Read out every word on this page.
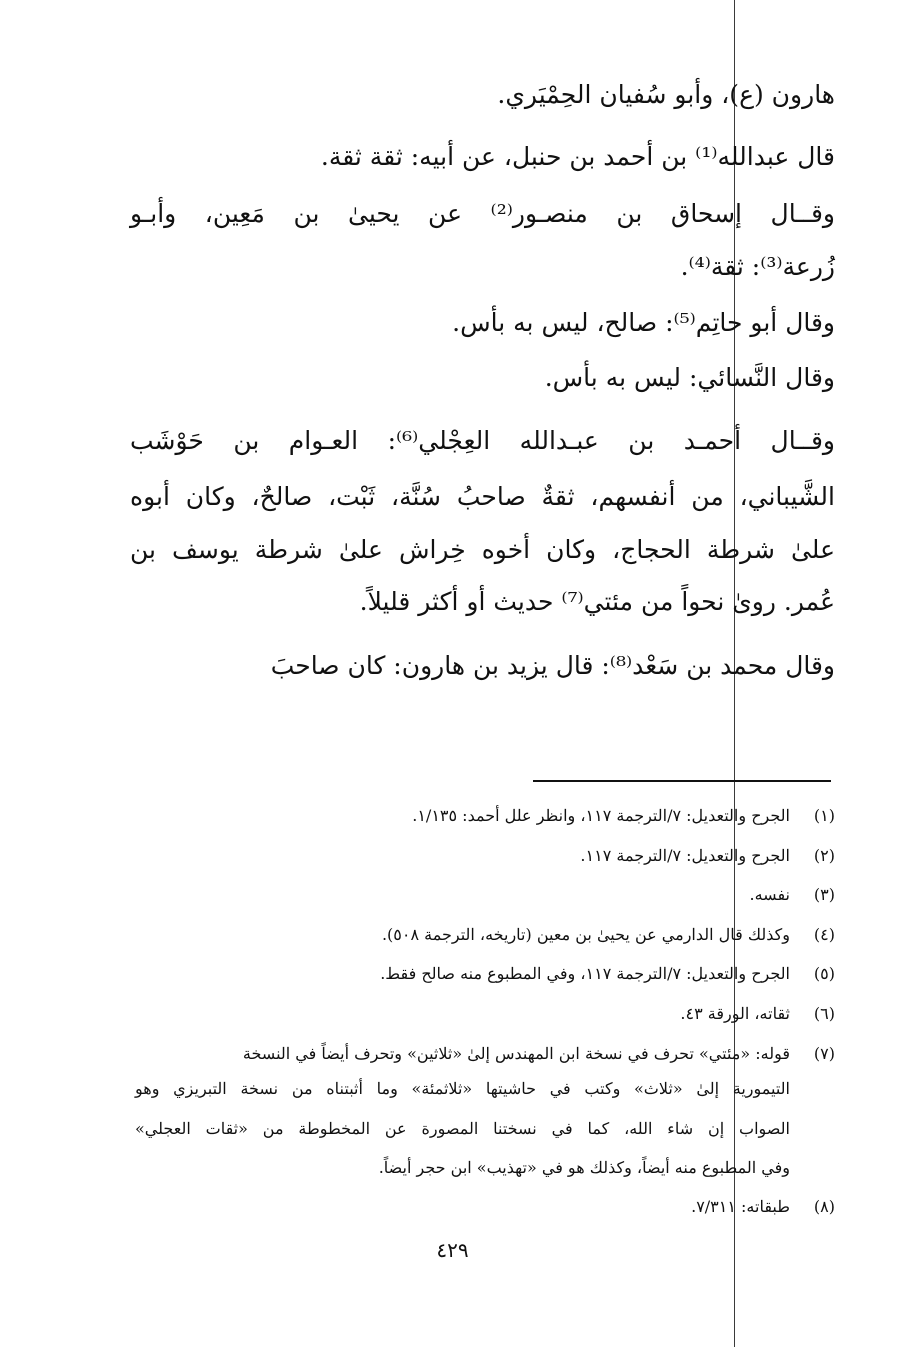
هارون (ع)، وأبو سُفيان الحِمْيَري.
قال عبدالله⁽¹⁾ بن أحمد بن حنبل، عن أبيه: ثقة ثقة.
وقــال إسحاق بن منصـور⁽²⁾ عن يحيىٰ بن مَعِين، وأبـو
زُرعة⁽³⁾: ثقة⁽⁴⁾.
وقال أبو حاتِم⁽⁵⁾: صالح، ليس به بأس.
وقال النَّسائي: ليس به بأس.
وقــال أحمـد بن عبـدالله العِجْلي⁽⁶⁾: العـوام بن حَوْشَب
الشَّيباني، من أنفسهم، ثقةٌ صاحبُ سُنَّة، ثَبْت، صالحٌ، وكان أبوه
علىٰ شرطة الحجاج، وكان أخوه خِراش علىٰ شرطة يوسف بن
عُمر. روىٰ نحواً من مئتي⁽⁷⁾ حديث أو أكثر قليلاً.
وقال محمد بن سَعْد⁽⁸⁾: قال يزيد بن هارون: كان صاحبَ
(١)
الجرح والتعديل: ٧/الترجمة ١١٧، وانظر علل أحمد: ١/١٣٥.
(٢)
الجرح والتعديل: ٧/الترجمة ١١٧.
(٣)
نفسه.
(٤)
وكذلك قال الدارمي عن يحيىٰ بن معين (تاريخه، الترجمة ٥٠٨).
(٥)
الجرح والتعديل: ٧/الترجمة ١١٧، وفي المطبوع منه صالح فقط.
(٦)
ثقاته، الورقة ٤٣.
(٧)
قوله: «مئتي» تحرف في نسخة ابن المهندس إلىٰ «ثلاثين» وتحرف أيضاً في النسخة
التيمورية إلىٰ «ثلاث» وكتب في حاشيتها «ثلاثمئة» وما أثبتناه من نسخة التبريزي وهو
الصواب إن شاء الله، كما في نسختنا المصورة عن المخطوطة من «ثقات العجلي»
وفي المطبوع منه أيضاً، وكذلك هو في «تهذيب» ابن حجر أيضاً.
(٨)
طبقاته: ٧/٣١١.
٤٢٩
